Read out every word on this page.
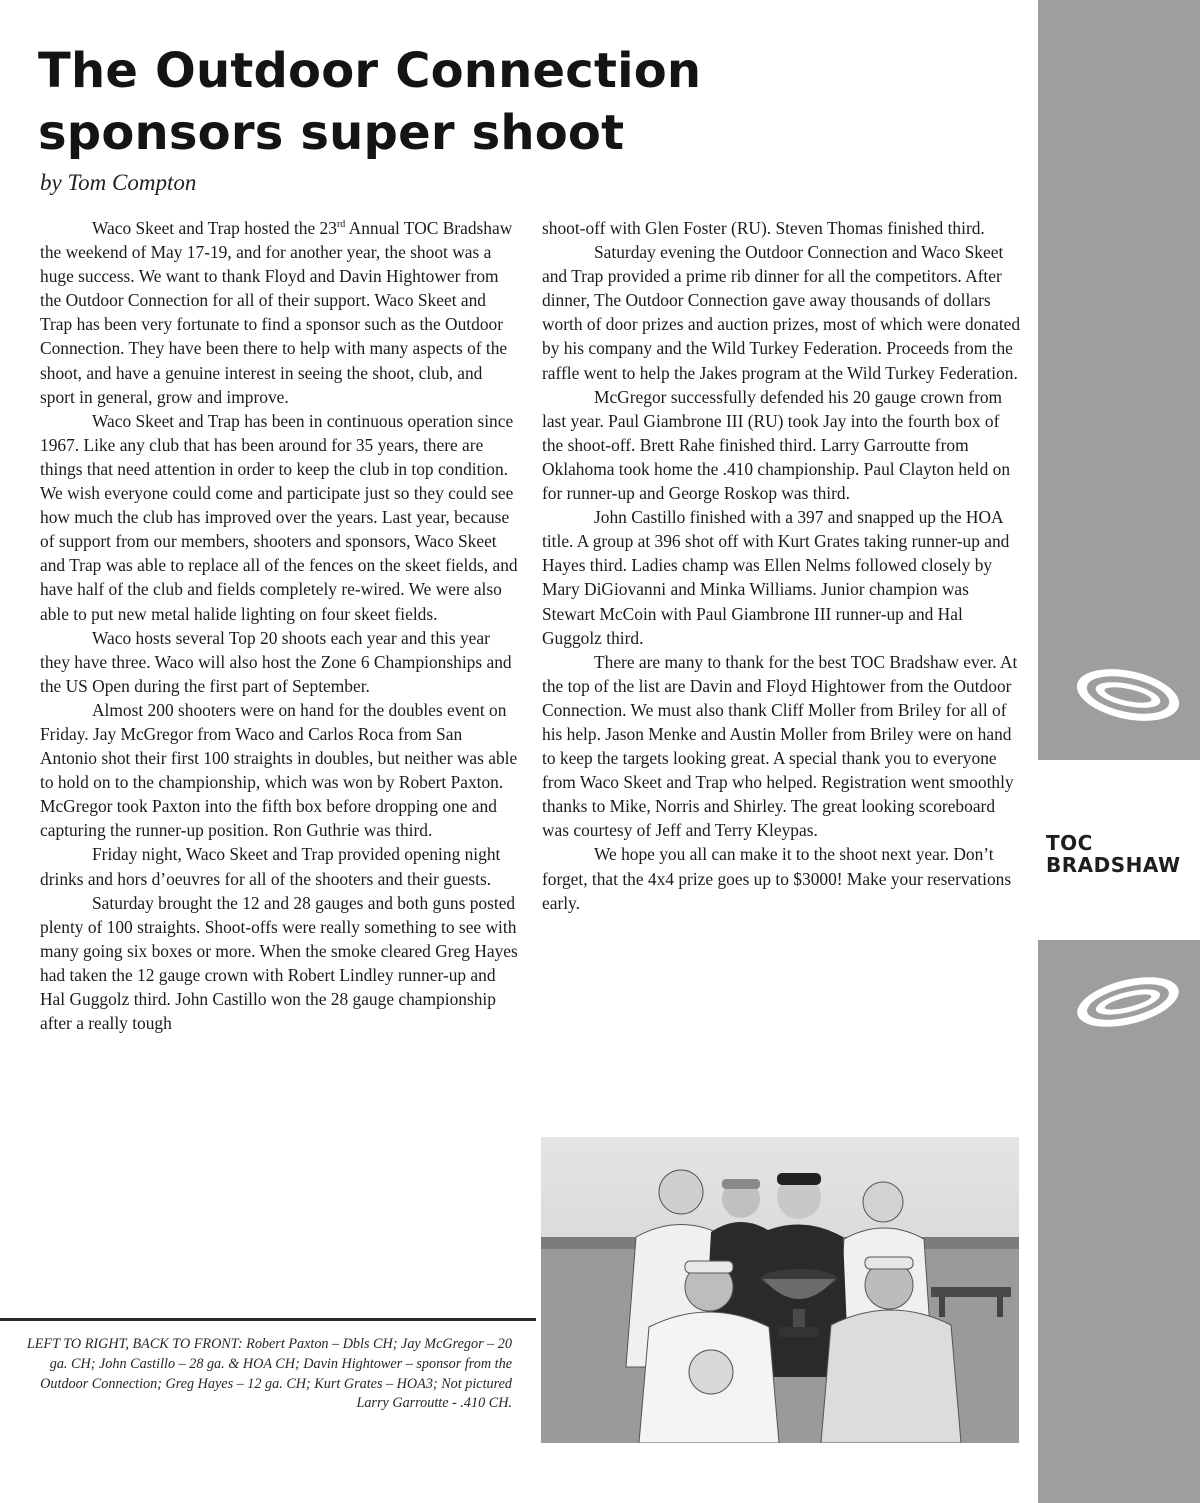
The Outdoor Connection
sponsors super shoot

by Tom Compton

Waco Skeet and Trap hosted the 23rd Annual TOC Bradshaw the weekend of May 17-19, and for another year, the shoot was a huge success. We want to thank Floyd and Davin Hightower from the Outdoor Connection for all of their support. Waco Skeet and Trap has been very fortunate to find a sponsor such as the Outdoor Connection. They have been there to help with many aspects of the shoot, and have a genuine interest in seeing the shoot, club, and sport in general, grow and improve.

Waco Skeet and Trap has been in continuous operation since 1967. Like any club that has been around for 35 years, there are things that need attention in order to keep the club in top condition. We wish everyone could come and participate just so they could see how much the club has improved over the years. Last year, because of support from our members, shooters and sponsors, Waco Skeet and Trap was able to replace all of the fences on the skeet fields, and have half of the club and fields completely re-wired. We were also able to put new metal halide lighting on four skeet fields.

Waco hosts several Top 20 shoots each year and this year they have three. Waco will also host the Zone 6 Championships and the US Open during the first part of September.

Almost 200 shooters were on hand for the doubles event on Friday. Jay McGregor from Waco and Carlos Roca from San Antonio shot their first 100 straights in doubles, but neither was able to hold on to the championship, which was won by Robert Paxton. McGregor took Paxton into the fifth box before dropping one and capturing the runner-up position. Ron Guthrie was third.

Friday night, Waco Skeet and Trap provided opening night drinks and hors d’oeuvres for all of the shooters and their guests.

Saturday brought the 12 and 28 gauges and both guns posted plenty of 100 straights. Shoot-offs were really something to see with many going six boxes or more. When the smoke cleared Greg Hayes had taken the 12 gauge crown with Robert Lindley runner-up and Hal Guggolz third. John Castillo won the 28 gauge championship after a really tough

shoot-off with Glen Foster (RU). Steven Thomas finished third.

Saturday evening the Outdoor Connection and Waco Skeet and Trap provided a prime rib dinner for all the competitors. After dinner, The Outdoor Connection gave away thousands of dollars worth of door prizes and auction prizes, most of which were donated by his company and the Wild Turkey Federation. Proceeds from the raffle went to help the Jakes program at the Wild Turkey Federation.

McGregor successfully defended his 20 gauge crown from last year. Paul Giambrone III (RU) took Jay into the fourth box of the shoot-off. Brett Rahe finished third. Larry Garroutte from Oklahoma took home the .410 championship. Paul Clayton held on for runner-up and George Roskop was third.

John Castillo finished with a 397 and snapped up the HOA title. A group at 396 shot off with Kurt Grates taking runner-up and Hayes third. Ladies champ was Ellen Nelms followed closely by Mary DiGiovanni and Minka Williams. Junior champion was Stewart McCoin with Paul Giambrone III runner-up and Hal Guggolz third.

There are many to thank for the best TOC Bradshaw ever. At the top of the list are Davin and Floyd Hightower from the Outdoor Connection. We must also thank Cliff Moller from Briley for all of his help. Jason Menke and Austin Moller from Briley were on hand to keep the targets looking great. A special thank you to everyone from Waco Skeet and Trap who helped. Registration went smoothly thanks to Mike, Norris and Shirley. The great looking scoreboard was courtesy of Jeff and Terry Kleypas.

We hope you all can make it to the shoot next year. Don’t forget, that the 4x4 prize goes up to $3000! Make your reservations early.

TOC
BRADSHAW

LEFT TO RIGHT, BACK TO FRONT: Robert Paxton – Dbls CH; Jay McGregor – 20 ga. CH; John Castillo – 28 ga. & HOA CH; Davin Hightower – sponsor from the Outdoor Connection; Greg Hayes – 12 ga. CH; Kurt Grates – HOA3; Not pictured Larry Garroutte - .410 CH.
